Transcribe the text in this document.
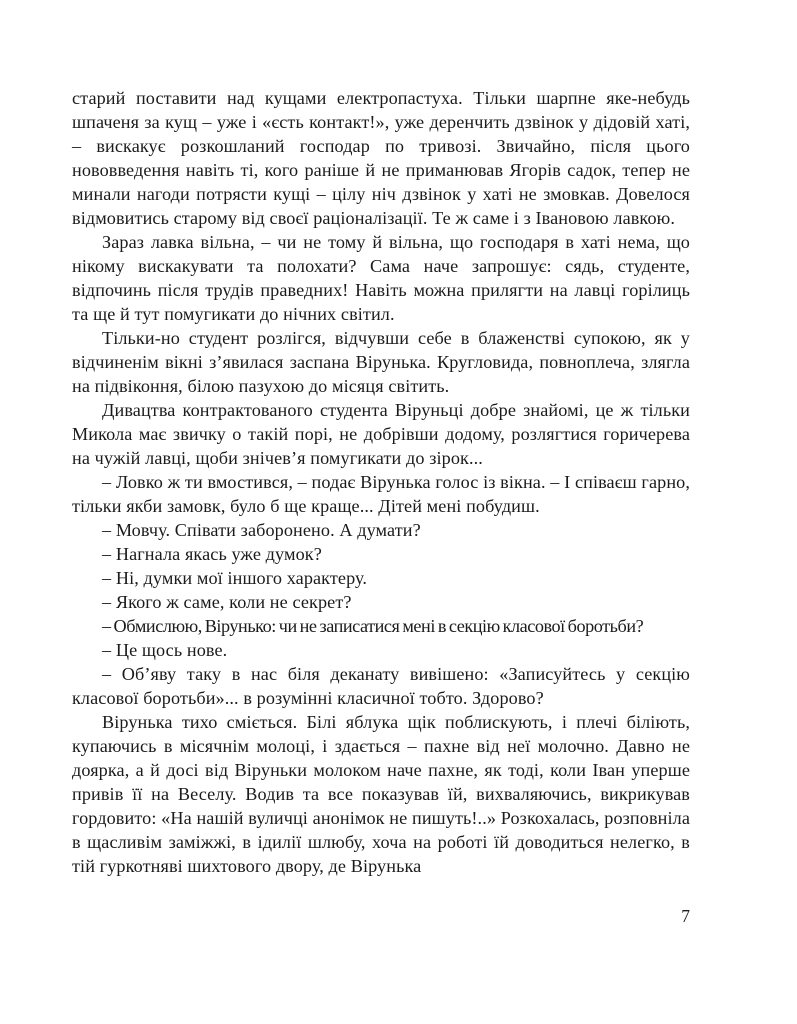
старий поставити над кущами електропастуха. Тільки шарпне яке-небудь шпаченя за кущ – уже і «єсть контакт!», уже деренчить дзвінок у дідовій хаті, – вискакує розкошланий господар по тривозі. Звичайно, після цього нововведення навіть ті, кого раніше й не приманював Ягорів садок, тепер не минали нагоди потрясти кущі – цілу ніч дзвінок у хаті не змовкав. Довелося відмовитись старому від своєї раціоналізації. Те ж саме і з Івановою лавкою.

Зараз лавка вільна, – чи не тому й вільна, що господаря в хаті нема, що нікому вискакувати та полохати? Сама наче запрошує: сядь, студенте, відпочинь після трудів праведних! Навіть можна прилягти на лавці горілиць та ще й тут помугикати до нічних світил.

Тільки-но студент розлігся, відчувши себе в блаженстві супокою, як у відчиненім вікні з’явилася заспана Вірунька. Кругловида, повноплеча, злягла на підвіконня, білою пазухою до місяця світить.

Дивацтва контрактованого студента Віруньці добре знайомі, це ж тільки Микола має звичку о такій порі, не добрівши додому, розлягтися горичерева на чужій лавці, щоби знічев’я помугикати до зірок...

– Ловко ж ти вмостився, – подає Вірунька голос із вікна. – І співаєш гарно, тільки якби замовк, було б ще краще... Дітей мені побудиш.

– Мовчу. Співати заборонено. А думати?

– Нагнала якась уже думок?

– Ні, думки мої іншого характеру.

– Якого ж саме, коли не секрет?

– Обмислюю, Вірунько: чи не записатися мені в секцію класової боротьби?

– Це щось нове.

– Об’яву таку в нас біля деканату вивішено: «Записуйтесь у секцію класової боротьби»... в розумінні класичної тобто. Здорово?

Вірунька тихо сміється. Білі яблука щік поблискують, і плечі біліють, купаючись в місячнім молоці, і здається – пахне від неї молочно. Давно не доярка, а й досі від Віруньки молоком наче пахне, як тоді, коли Іван уперше привів її на Веселу. Водив та все показував їй, вихваляючись, викрикував гордовито: «На нашій вуличці анонімок не пишуть!..» Розкохалась, розповніла в щасливім заміжжі, в ідилії шлюбу, хоча на роботі їй доводиться нелегко, в тій гуркотняві шихтового двору, де Вірунька

7
